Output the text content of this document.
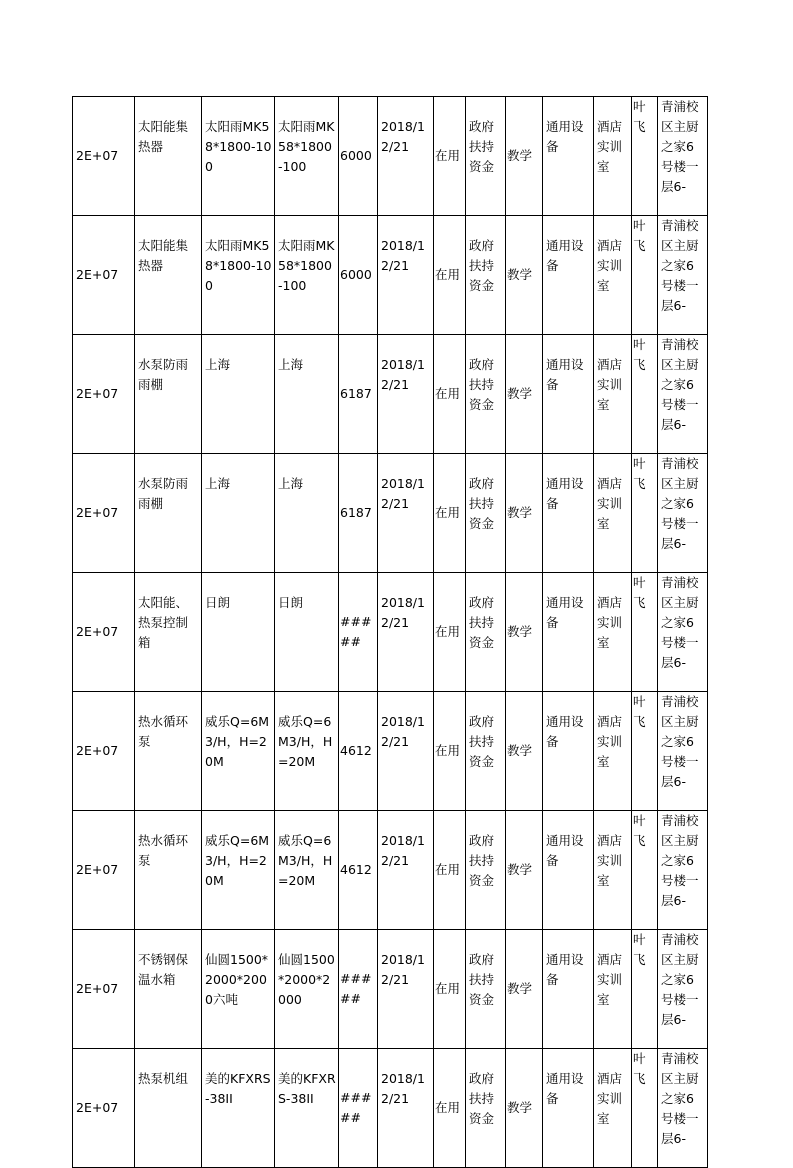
2E+07	太阳能集热器	太阳雨MK58*1800-100	太阳雨MK58*1800-100	6000	2018/12/21	在用	政府扶持资金	教学	通用设备	酒店实训室	叶飞	青浦校区主厨之家6号楼一层6-
2E+07	太阳能集热器	太阳雨MK58*1800-100	太阳雨MK58*1800-100	6000	2018/12/21	在用	政府扶持资金	教学	通用设备	酒店实训室	叶飞	青浦校区主厨之家6号楼一层6-
2E+07	水泵防雨雨棚	上海	上海	6187	2018/12/21	在用	政府扶持资金	教学	通用设备	酒店实训室	叶飞	青浦校区主厨之家6号楼一层6-
2E+07	水泵防雨雨棚	上海	上海	6187	2018/12/21	在用	政府扶持资金	教学	通用设备	酒店实训室	叶飞	青浦校区主厨之家6号楼一层6-
2E+07	太阳能、热泵控制箱	日朗	日朗	#####	2018/12/21	在用	政府扶持资金	教学	通用设备	酒店实训室	叶飞	青浦校区主厨之家6号楼一层6-
2E+07	热水循环泵	威乐Q=6M3/H，H=20M	威乐Q=6M3/H，H=20M	4612	2018/12/21	在用	政府扶持资金	教学	通用设备	酒店实训室	叶飞	青浦校区主厨之家6号楼一层6-
2E+07	热水循环泵	威乐Q=6M3/H，H=20M	威乐Q=6M3/H，H=20M	4612	2018/12/21	在用	政府扶持资金	教学	通用设备	酒店实训室	叶飞	青浦校区主厨之家6号楼一层6-
2E+07	不锈钢保温水箱	仙圆1500*2000*2000六吨	仙圆1500*2000*2000	#####	2018/12/21	在用	政府扶持资金	教学	通用设备	酒店实训室	叶飞	青浦校区主厨之家6号楼一层6-
2E+07	热泵机组	美的KFXRS-38II	美的KFXRS-38II	#####	2018/12/21	在用	政府扶持资金	教学	通用设备	酒店实训室	叶飞	青浦校区主厨之家6号楼一层6-
